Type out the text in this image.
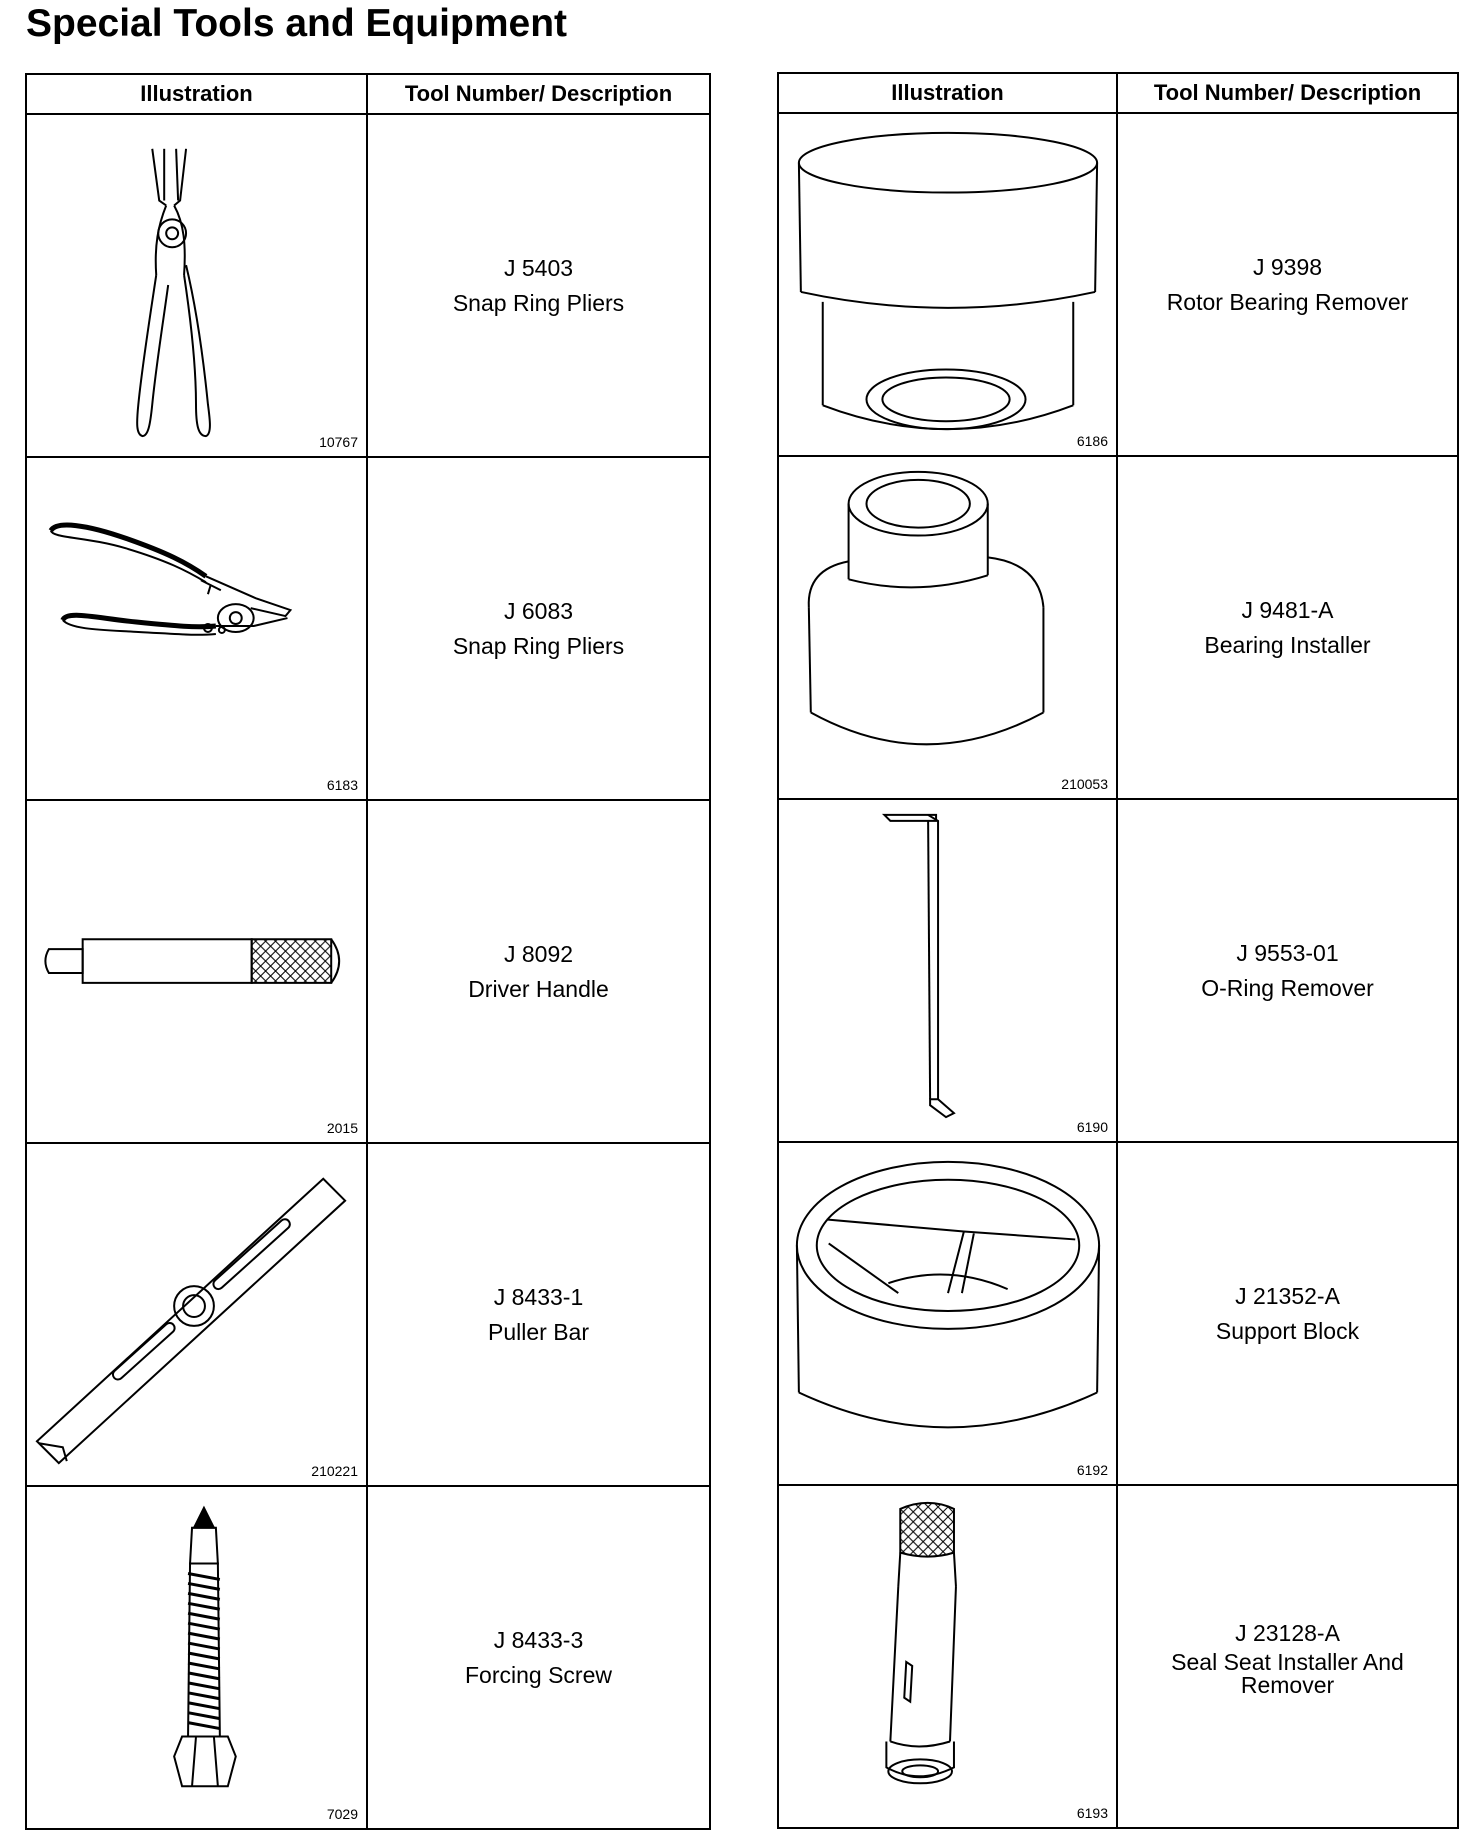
Special Tools and Equipment
Illustration	Tool Number/ Description

10767	J 5403
Snap Ring Pliers

6183	J 6083
Snap Ring Pliers

2015	J 8092
Driver Handle

210221	J 8433-1
Puller Bar

7029	J 8433-3
Forcing Screw
Illustration	Tool Number/ Description

6186	J 9398
Rotor Bearing Remover

210053	J 9481-A
Bearing Installer

6190	J 9553-01
O-Ring Remover

6192	J 21352-A
Support Block

6193	J 23128-A
Seal Seat Installer And Remover
